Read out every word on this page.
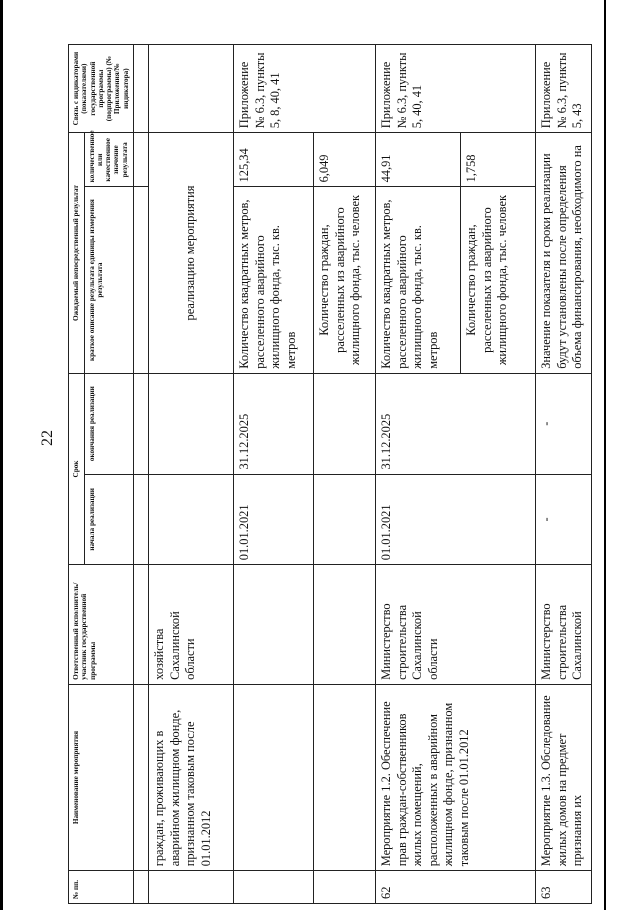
22
№ пп.	Наименование мероприятия	Ответственный исполнитель/участник государственной программы	Срок		Ожидаемый непосредственный результат		Связь с индикаторами (показателями) государственной программы (подпрограммы) (№ Приложения/№ индикатора)
			начала реализации	окончания реализации	краткое описание результата единицы измерения результата	количественное или качественное значение результата	

	граждан, проживающих в аварийном жилищном фонде, признанном таковым после 01.01.2012	хозяйства Сахалинской области			реализацию мероприятия		
			01.01.2021	31.12.2025	Количество квадратных метров, расселенного аварийного жилищного фонда, тыс. кв. метров	125,34	Приложение № 6.3, пункты 5, 8, 40, 41
					Количество граждан, расселенных из аварийного жилищного фонда, тыс. человек	6,049	
62	Мероприятие 1.2. Обеспечение прав граждан-собственников жилых помещений, расположенных в аварийном жилищном фонде, признанном таковым после 01.01.2012	Министерство строительства Сахалинской области	01.01.2021	31.12.2025	Количество квадратных метров, расселенного аварийного жилищного фонда, тыс. кв. метров	44,91	Приложение № 6.3, пункты 5, 40, 41
					Количество граждан, расселенных из аварийного жилищного фонда, тыс. человек	1,758	
63	Мероприятие 1.3. Обследование жилых домов на предмет признания их	Министерство строительства Сахалинской	-	-	Значение показателя и сроки реализации будут установлены после определения объема финансирования, необходимого на		Приложение № 6.3, пункты 5, 43
